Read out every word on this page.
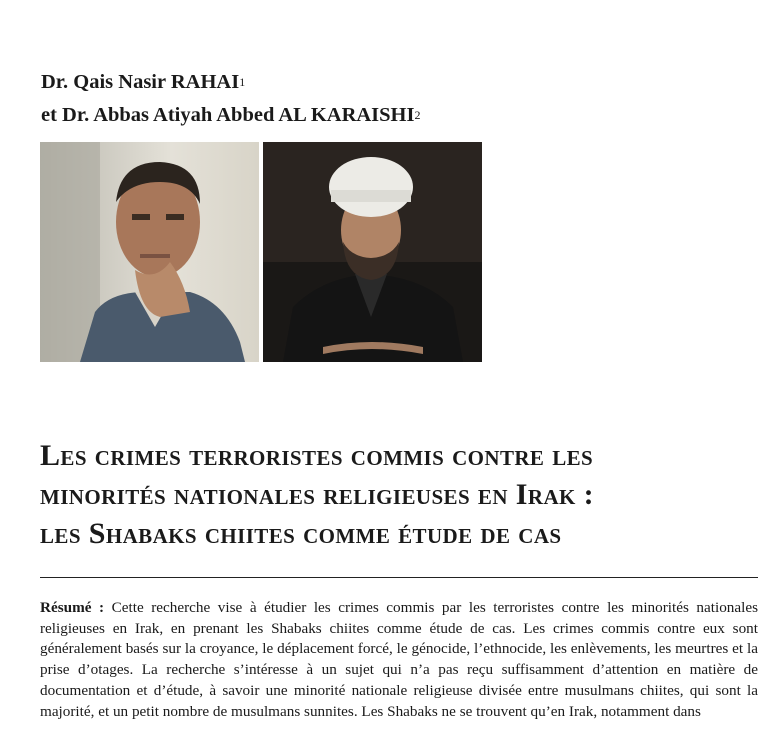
Dr. Qais Nasir RAHAI$^1$
et Dr. Abbas Atiyah Abbed AL KARAISHI$^2$
Les crimes terroristes commis contre les
minorités nationales religieuses en Irak :
les Shabaks chiites comme étude de cas
Résumé : Cette recherche vise à étudier les crimes commis par les terroristes contre les minorités nationales religieuses en Irak, en prenant les Shabaks chiites comme étude de cas. Les crimes commis contre eux sont généralement basés sur la croyance, le déplacement forcé, le génocide, l’ethnocide, les enlèvements, les meurtres et la prise d’otages. La recherche s’intéresse à un sujet qui n’a pas reçu suffisamment d’attention en matière de documentation et d’étude, à savoir une minorité nationale religieuse divisée entre musulmans chiites, qui sont la majorité, et un petit nombre de musulmans sunnites. Les Shabaks ne se trouvent qu’en Irak, notamment dans
